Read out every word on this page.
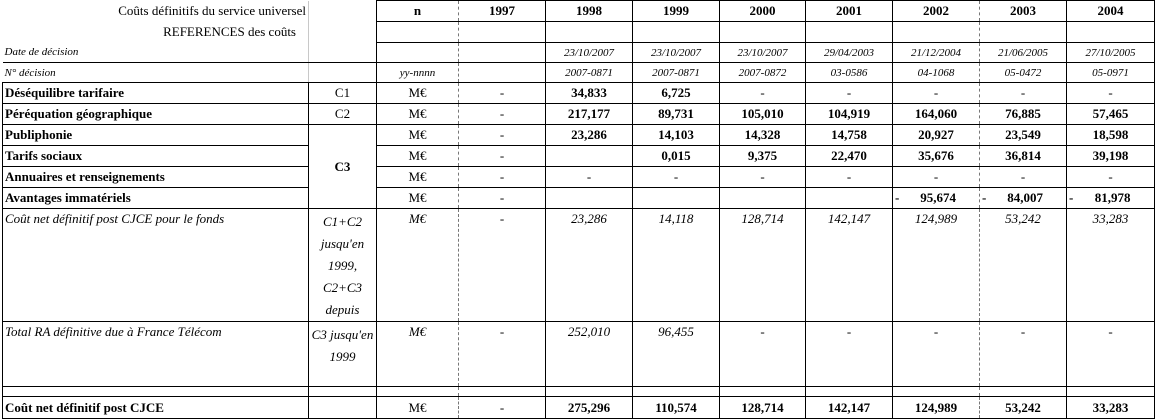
Coûts définitifs du service universel		n	1997	1998	1999	2000	2001	2002	2003	2004	
REFERENCES des coûts											
Date de décision				23/10/2007	23/10/2007	23/10/2007	29/04/2003	21/12/2004	21/06/2005	27/10/2005	
N° décision		yy-nnnn		2007-0871	2007-0871	2007-0872	03-0586	04-1068	05-0472	05-0971	
Déséquilibre tarifaire	C1	M€	-	34,833	6,725	-	-	-	-	-	
Péréquation géographique	C2	M€	-	217,177	89,731	105,010	104,919	164,060	76,885	57,465	
Publiphonie	C3	M€	-	23,286	14,103	14,328	14,758	20,927	23,549	18,598	
Tarifs sociaux		M€	-		0,015	9,375	22,470	35,676	36,814	39,198	
Annuaires et renseignements		M€	-	-	-	-	-	-	-	-	
Avantages immatériels		M€	-					- 95,674	- 84,007	- 81,978	

Coût net définitif post CJCE pour le fonds	C1+C2 jusqu'en 1999, C2+C3 depuis	M€	-	23,286	14,118	128,714	142,147	124,989	53,242	33,283	
Total RA définitive due à France Télécom	C3 jusqu'en 1999	M€	-	252,010	96,455	-	-	-	-	-	

Coût net définitif post CJCE		M€	-	275,296	110,574	128,714	142,147	124,989	53,242	33,283	
